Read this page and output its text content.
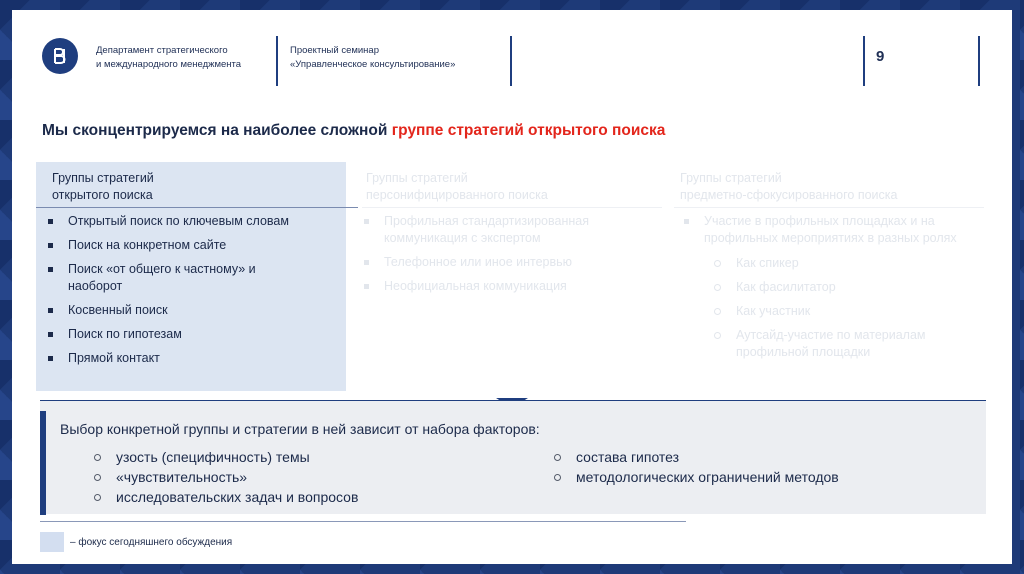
Департамент стратегического
и международного менеджмента
Проектный семинар
«Управленческое консультирование»	9
Мы сконцентрируемся на наиболее сложной группе стратегий открытого поиска
Группы стратегий
открытого поиска
Открытый поиск по ключевым словам
Поиск на конкретном сайте
Поиск «от общего к частному» и наоборот
Косвенный поиск
Поиск по гипотезам
Прямой контакт
Группы стратегий
персонифицированного поиска
Профильная стандартизированная коммуникация с экспертом
Телефонное или иное интервью
Неофициальная коммуникация
Группы стратегий
предметно-сфокусированного поиска
Участие в профильных площадках и на профильных мероприятиях в разных ролях
Как спикер
Как фасилитатор
Как участник
Аутсайд-участие по материалам профильной площадки
Выбор конкретной группы и стратегии в ней зависит от набора факторов:
узость (специфичность) темы
«чувствительность»
исследовательских задач и вопросов
состава гипотез
методологических ограничений методов
– фокус сегодняшнего обсуждения
